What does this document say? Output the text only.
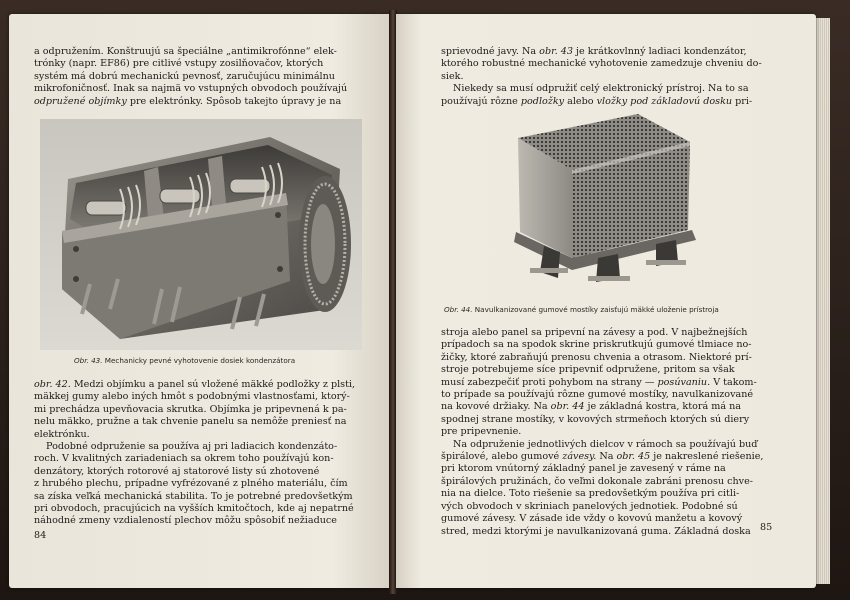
a odpružením. Konštruujú sa špeciálne „antimikrofónne“ elek-

trónky (napr. EF86) pre citlivé vstupy zosilňovačov, ktorých

systém má dobrú mechanickú pevnosť, zaručujúcu minimálnu

mikrofoničnosť. Inak sa najmä vo vstupných obvodoch používajú

odpružené objímky pre elektrónky. Spôsob takejto úpravy je na

Obr. 43. Mechanicky pevné vyhotovenie dosiek kondenzátora

obr. 42. Medzi objímku a panel sú vložené mäkké podložky z plsti,

mäkkej gumy alebo iných hmôt s podobnými vlastnosťami, ktorý-

mi prechádza upevňovacia skrutka. Objímka je pripevnená k pa-

nelu mäkko, pružne a tak chvenie panelu sa nemôže preniesť na

elektrónku.

Podobné odpruženie sa používa aj pri ladiacich kondenzáto-

roch. V kvalitných zariadeniach sa okrem toho používajú kon-

denzátory, ktorých rotorové aj statorové listy sú zhotovené

z hrubého plechu, prípadne vyfrézované z plného materiálu, čím

sa získa veľká mechanická stabilita. To je potrebné predovšetkým

pri obvodoch, pracujúcich na vyšších kmitočtoch, kde aj nepatrné

náhodné zmeny vzdialeností plechov môžu spôsobiť nežiaduce

84

sprievodné javy. Na obr. 43 je krátkovlnný ladiaci kondenzátor,

ktorého robustné mechanické vyhotovenie zamedzuje chveniu do-

siek.

Niekedy sa musí odpružiť celý elektronický prístroj. Na to sa

používajú rôzne podložky alebo vložky pod základovú dosku pri-

Obr. 44. Navulkanizované gumové mostíky zaisťujú mäkké uloženie prístroja

stroja alebo panel sa pripevní na závesy a pod. V najbežnejších

prípadoch sa na spodok skrine priskrutkujú gumové tlmiace no-

žičky, ktoré zabraňujú prenosu chvenia a otrasom. Niektoré prí-

stroje potrebujeme síce pripevniť odpružene, pritom sa však

musí zabezpečiť proti pohybom na strany — posúvaniu. V takom-

to prípade sa používajú rôzne gumové mostíky, navulkanizované

na kovové držiaky. Na obr. 44 je základná kostra, ktorá má na

spodnej strane mostíky, v kovových strmeňoch ktorých sú diery

pre pripevnenie.

Na odpruženie jednotlivých dielcov v rámoch sa používajú buď

špirálové, alebo gumové závesy. Na obr. 45 je nakreslené riešenie,

pri ktorom vnútorný základný panel je zavesený v ráme na

špirálových pružinách, čo veľmi dokonale zabráni prenosu chve-

nia na dielce. Toto riešenie sa predovšetkým používa pri citli-

vých obvodoch v skriniach panelových jednotiek. Podobné sú

gumové závesy. V zásade ide vždy o kovovú manžetu a kovový

stred, medzi ktorými je navulkanizovaná guma. Základná doska 85
